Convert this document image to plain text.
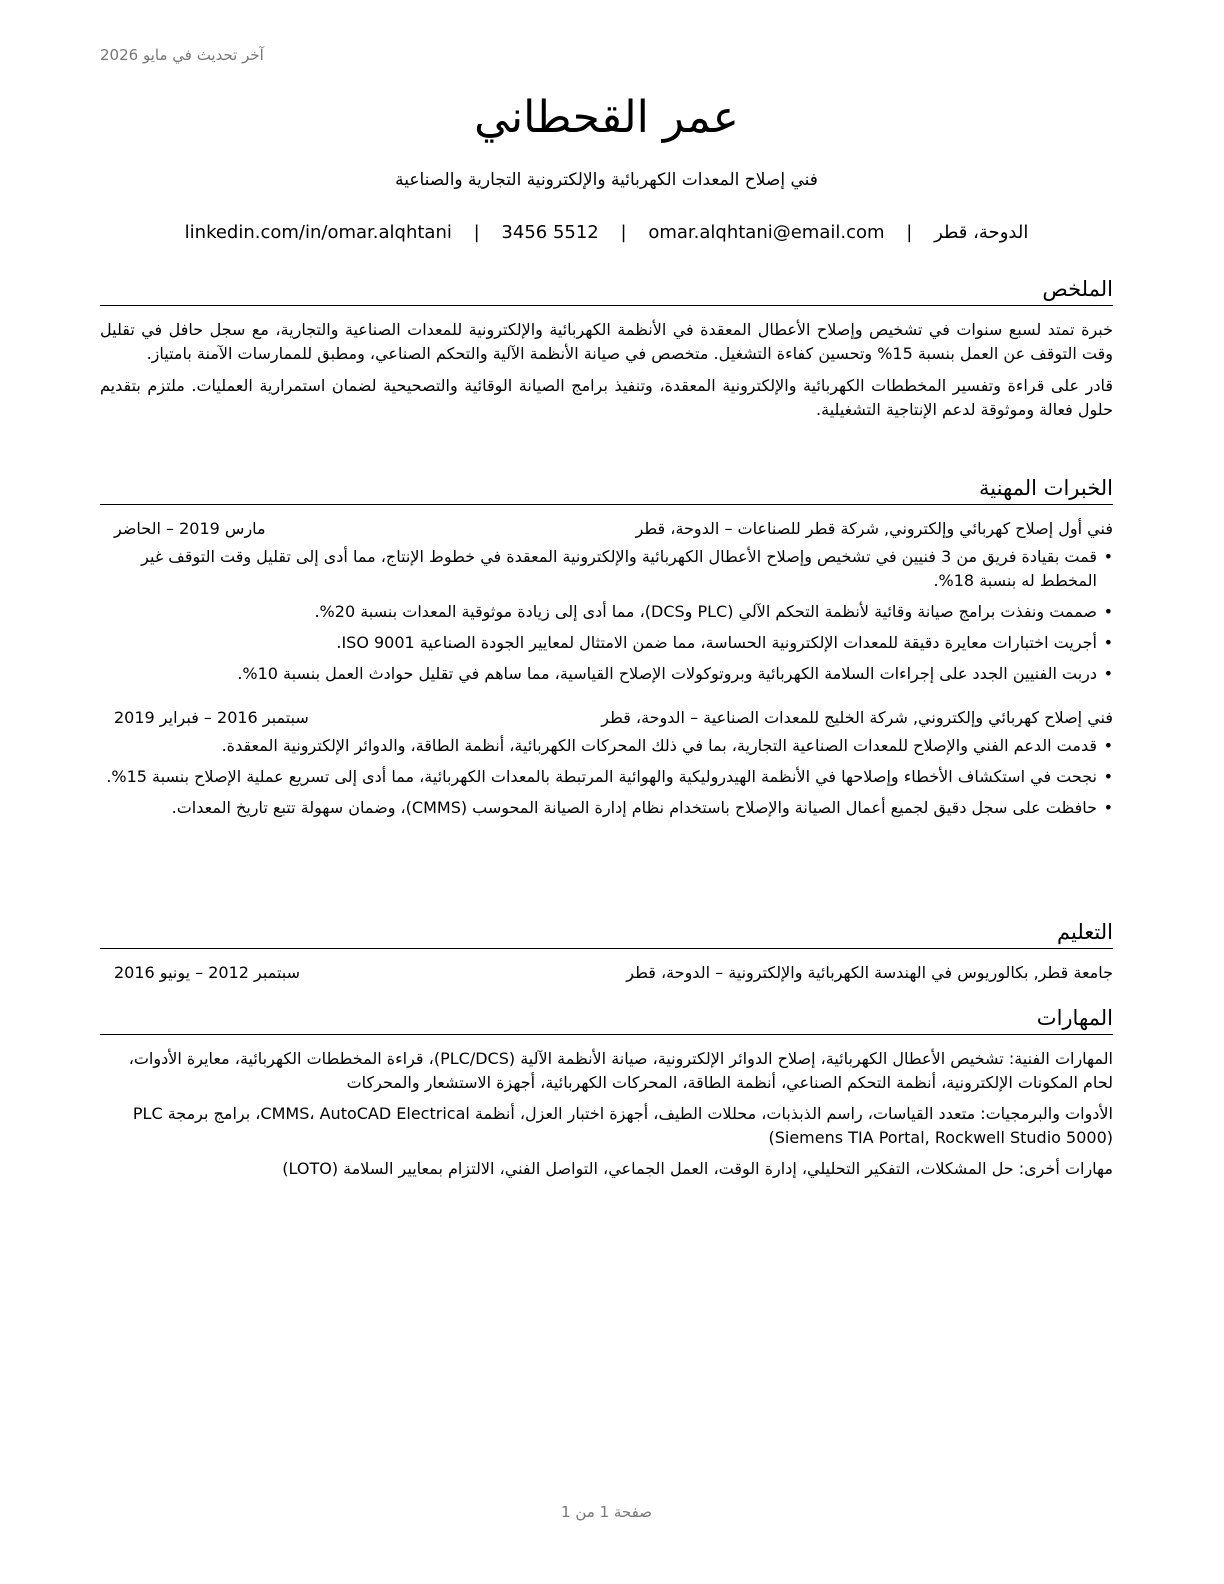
آخر تحديث في مايو 2026
عمر القحطاني
فني إصلاح المعدات الكهربائية والإلكترونية التجارية والصناعية
الدوحة، قطر | omar.alqhtani@email.com | 3456 5512 | linkedin.com/in/omar.alqhtani
الملخص

خبرة تمتد لسبع سنوات في تشخيص وإصلاح الأعطال المعقدة في الأنظمة الكهربائية والإلكترونية للمعدات الصناعية والتجارية، مع سجل حافل في تقليل وقت التوقف عن العمل بنسبة 15% وتحسين كفاءة التشغيل. متخصص في صيانة الأنظمة الآلية والتحكم الصناعي، ومطبق للممارسات الآمنة بامتياز.

قادر على قراءة وتفسير المخططات الكهربائية والإلكترونية المعقدة، وتنفيذ برامج الصيانة الوقائية والتصحيحية لضمان استمرارية العمليات. ملتزم بتقديم حلول فعالة وموثوقة لدعم الإنتاجية التشغيلية.

الخبرات المهنية
فني أول إصلاح كهربائي وإلكتروني, شركة قطر للصناعات – الدوحة، قطر
مارس 2019 – الحاضر
• قمت بقيادة فريق من 3 فنيين في تشخيص وإصلاح الأعطال الكهربائية والإلكترونية المعقدة في خطوط الإنتاج، مما أدى إلى تقليل وقت التوقف غير المخطط له بنسبة 18%.
• صممت ونفذت برامج صيانة وقائية لأنظمة التحكم الآلي (PLC وDCS)، مما أدى إلى زيادة موثوقية المعدات بنسبة 20%.
• أجريت اختبارات معايرة دقيقة للمعدات الإلكترونية الحساسة، مما ضمن الامتثال لمعايير الجودة الصناعية ISO 9001.
• دربت الفنيين الجدد على إجراءات السلامة الكهربائية وبروتوكولات الإصلاح القياسية، مما ساهم في تقليل حوادث العمل بنسبة 10%.
فني إصلاح كهربائي وإلكتروني, شركة الخليج للمعدات الصناعية – الدوحة، قطر
سبتمبر 2016 – فبراير 2019
• قدمت الدعم الفني والإصلاح للمعدات الصناعية التجارية، بما في ذلك المحركات الكهربائية، أنظمة الطاقة، والدوائر الإلكترونية المعقدة.
• نجحت في استكشاف الأخطاء وإصلاحها في الأنظمة الهيدروليكية والهوائية المرتبطة بالمعدات الكهربائية، مما أدى إلى تسريع عملية الإصلاح بنسبة 15%.
• حافظت على سجل دقيق لجميع أعمال الصيانة والإصلاح باستخدام نظام إدارة الصيانة المحوسب (CMMS)، وضمان سهولة تتبع تاريخ المعدات.
التعليم
جامعة قطر, بكالوريوس في الهندسة الكهربائية والإلكترونية – الدوحة، قطر
سبتمبر 2012 – يونيو 2016
المهارات

المهارات الفنية: تشخيص الأعطال الكهربائية، إصلاح الدوائر الإلكترونية، صيانة الأنظمة الآلية (PLC/DCS)، قراءة المخططات الكهربائية، معايرة الأدوات، لحام المكونات الإلكترونية، أنظمة التحكم الصناعي، أنظمة الطاقة، المحركات الكهربائية، أجهزة الاستشعار والمحركات

الأدوات والبرمجيات: متعدد القياسات، راسم الذبذبات، محللات الطيف، أجهزة اختبار العزل، أنظمة CMMS، AutoCAD Electrical، برامج برمجة PLC (Siemens TIA Portal, Rockwell Studio 5000)

مهارات أخرى: حل المشكلات، التفكير التحليلي، إدارة الوقت، العمل الجماعي، التواصل الفني، الالتزام بمعايير السلامة (LOTO)

صفحة 1 من 1
